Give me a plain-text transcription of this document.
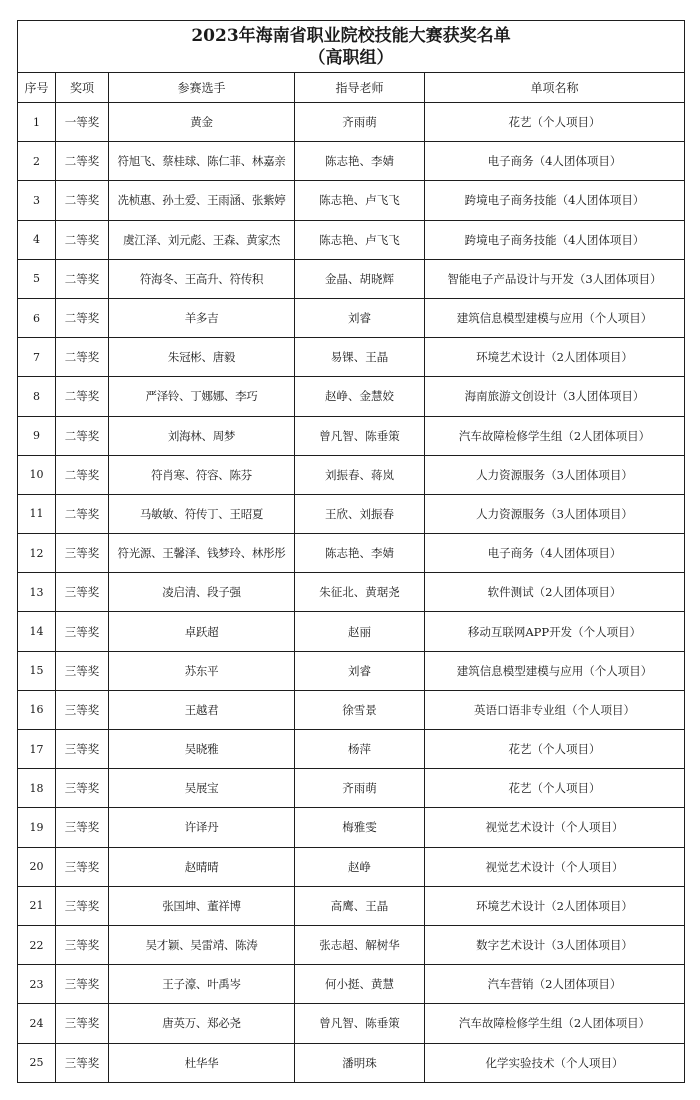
2023年海南省职业院校技能大赛获奖名单
（高职组）				

序号	奖项	参赛选手	指导老师	单项名称
1	一等奖	黄金	齐雨萌	花艺（个人项目）
2	二等奖	符旭飞、蔡桂球、陈仁菲、林嘉亲	陈志艳、李婧	电子商务（4人团体项目）
3	二等奖	冼桢惠、孙土爱、王雨涵、张紫婷	陈志艳、卢飞飞	跨境电子商务技能（4人团体项目）
4	二等奖	虞江泽、刘元彪、王森、黄家杰	陈志艳、卢飞飞	跨境电子商务技能（4人团体项目）
5	二等奖	符海冬、王高升、符传积	金晶、胡晓辉	智能电子产品设计与开发（3人团体项目）
6	二等奖	羊多吉	刘睿	建筑信息模型建模与应用（个人项目）
7	二等奖	朱冠彬、唐毅	易锞、王晶	环境艺术设计（2人团体项目）
8	二等奖	严泽铃、丁娜娜、李巧	赵峥、金慧姣	海南旅游文创设计（3人团体项目）
9	二等奖	刘海林、周梦	曾凡智、陈垂策	汽车故障检修学生组（2人团体项目）
10	二等奖	符肖寒、符容、陈芬	刘振春、蒋岚	人力资源服务（3人团体项目）
11	二等奖	马敏敏、符传丁、王昭夏	王欣、刘振春	人力资源服务（3人团体项目）
12	三等奖	符光源、王馨泽、钱梦玲、林彤彤	陈志艳、李婧	电子商务（4人团体项目）
13	三等奖	凌启清、段子强	朱征北、黄琚尧	软件测试（2人团体项目）
14	三等奖	卓跃超	赵丽	移动互联网APP开发（个人项目）
15	三等奖	苏东平	刘睿	建筑信息模型建模与应用（个人项目）
16	三等奖	王越君	徐雪景	英语口语非专业组（个人项目）
17	三等奖	吴晓雅	杨萍	花艺（个人项目）
18	三等奖	吴展宝	齐雨萌	花艺（个人项目）
19	三等奖	许译丹	梅雅雯	视觉艺术设计（个人项目）
20	三等奖	赵晴晴	赵峥	视觉艺术设计（个人项目）
21	三等奖	张国坤、董祥博	高鹰、王晶	环境艺术设计（2人团体项目）
22	三等奖	吴才颖、吴雷靖、陈涛	张志超、解树华	数字艺术设计（3人团体项目）
23	三等奖	王子濠、叶禹岑	何小挺、黄慧	汽车营销（2人团体项目）
24	三等奖	唐英万、郑必尧	曾凡智、陈垂策	汽车故障检修学生组（2人团体项目）
25	三等奖	杜华华	潘明珠	化学实验技术（个人项目）
